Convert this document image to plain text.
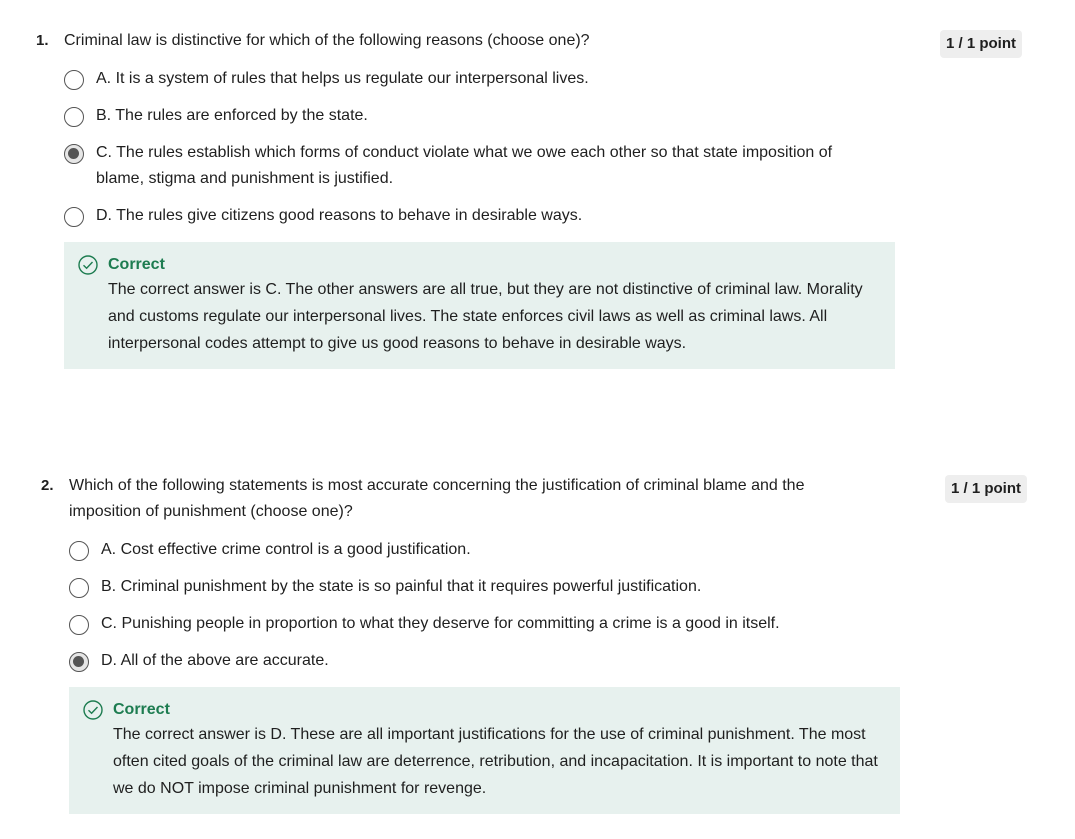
1. Criminal law is distinctive for which of the following reasons (choose one)?	1 / 1 point
A. It is a system of rules that helps us regulate our interpersonal lives.
B. The rules are enforced by the state.
C. The rules establish which forms of conduct violate what we owe each other so that state imposition of blame, stigma and punishment is justified.
D. The rules give citizens good reasons to behave in desirable ways.
Correct
The correct answer is C. The other answers are all true, but they are not distinctive of criminal law. Morality and customs regulate our interpersonal lives. The state enforces civil laws as well as criminal laws. All interpersonal codes attempt to give us good reasons to behave in desirable ways.
2. Which of the following statements is most accurate concerning the justification of criminal blame and the imposition of punishment (choose one)?
1 / 1 point
A. Cost effective crime control is a good justification.
B. Criminal punishment by the state is so painful that it requires powerful justification.
C. Punishing people in proportion to what they deserve for committing a crime is a good in itself.
D. All of the above are accurate.
Correct
The correct answer is D. These are all important justifications for the use of criminal punishment. The most often cited goals of the criminal law are deterrence, retribution, and incapacitation. It is important to note that we do NOT impose criminal punishment for revenge.
